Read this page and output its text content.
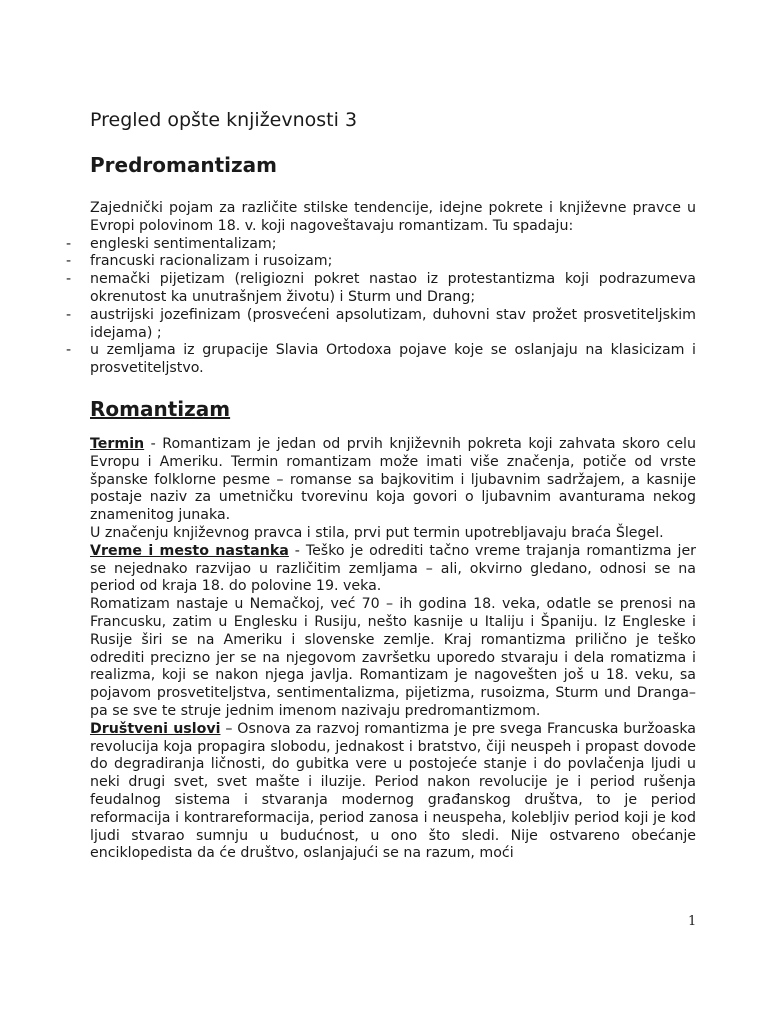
Pregled opšte književnosti 3
Predromantizam

Zajednički pojam za različite stilske tendencije, idejne pokrete i književne pravce u Evropi polovinom 18. v. koji nagoveštavaju romantizam. Tu spadaju:

- engleski sentimentalizam;
- francuski racionalizam i rusoizam;
- nemački pijetizam (religiozni pokret nastao iz protestantizma koji podrazumeva okrenutost ka unutrašnjem životu) i Sturm und Drang;
- austrijski jozefinizam (prosvećeni apsolutizam, duhovni stav prožet prosvetiteljskim idejama) ;
- u zemljama iz grupacije Slavia Ortodoxa pojave koje se oslanjaju na klasicizam i prosvetiteljstvo.
Romantizam

Termin - Romantizam je jedan od prvih književnih pokreta koji zahvata skoro celu Evropu i Ameriku. Termin romantizam može imati više značenja, potiče od vrste španske folklorne pesme – romanse sa bajkovitim i ljubavnim sadržajem, a kasnije postaje naziv za umetničku tvorevinu koja govori o ljubavnim avanturama nekog znamenitog junaka.

U značenju književnog pravca i stila, prvi put termin upotrebljavaju braća Šlegel.

Vreme i mesto nastanka - Teško je odrediti tačno vreme trajanja romantizma jer se nejednako razvijao u različitim zemljama – ali, okvirno gledano, odnosi se na period od kraja 18. do polovine 19. veka.

Romatizam nastaje u Nemačkoj, već 70 – ih godina 18. veka, odatle se prenosi na Francusku, zatim u Englesku i Rusiju, nešto kasnije u Italiju i Španiju. Iz Engleske i Rusije širi se na Ameriku i slovenske zemlje. Kraj romantizma prilično je teško odrediti precizno jer se na njegovom završetku uporedo stvaraju i dela romatizma i realizma, koji se nakon njega javlja. Romantizam je nagovešten još u 18. veku, sa pojavom prosvetiteljstva, sentimentalizma, pijetizma, rusoizma, Sturm und Dranga– pa se sve te struje jednim imenom nazivaju predromantizmom.

Društveni uslovi – Osnova za razvoj romantizma je pre svega Francuska buržoaska revolucija koja propagira slobodu, jednakost i bratstvo, čiji neuspeh i propast dovode do degradiranja ličnosti, do gubitka vere u postojeće stanje i do povlačenja ljudi u neki drugi svet, svet mašte i iluzije. Period nakon revolucije je i period rušenja feudalnog sistema i stvaranja modernog građanskog društva, to je period reformacija i kontrareformacija, period zanosa i neuspeha, kolebljiv period koji je kod ljudi stvarao sumnju u budućnost, u ono što sledi. Nije ostvareno obećanje enciklopedista da će društvo, oslanjajući se na razum, moći

1
